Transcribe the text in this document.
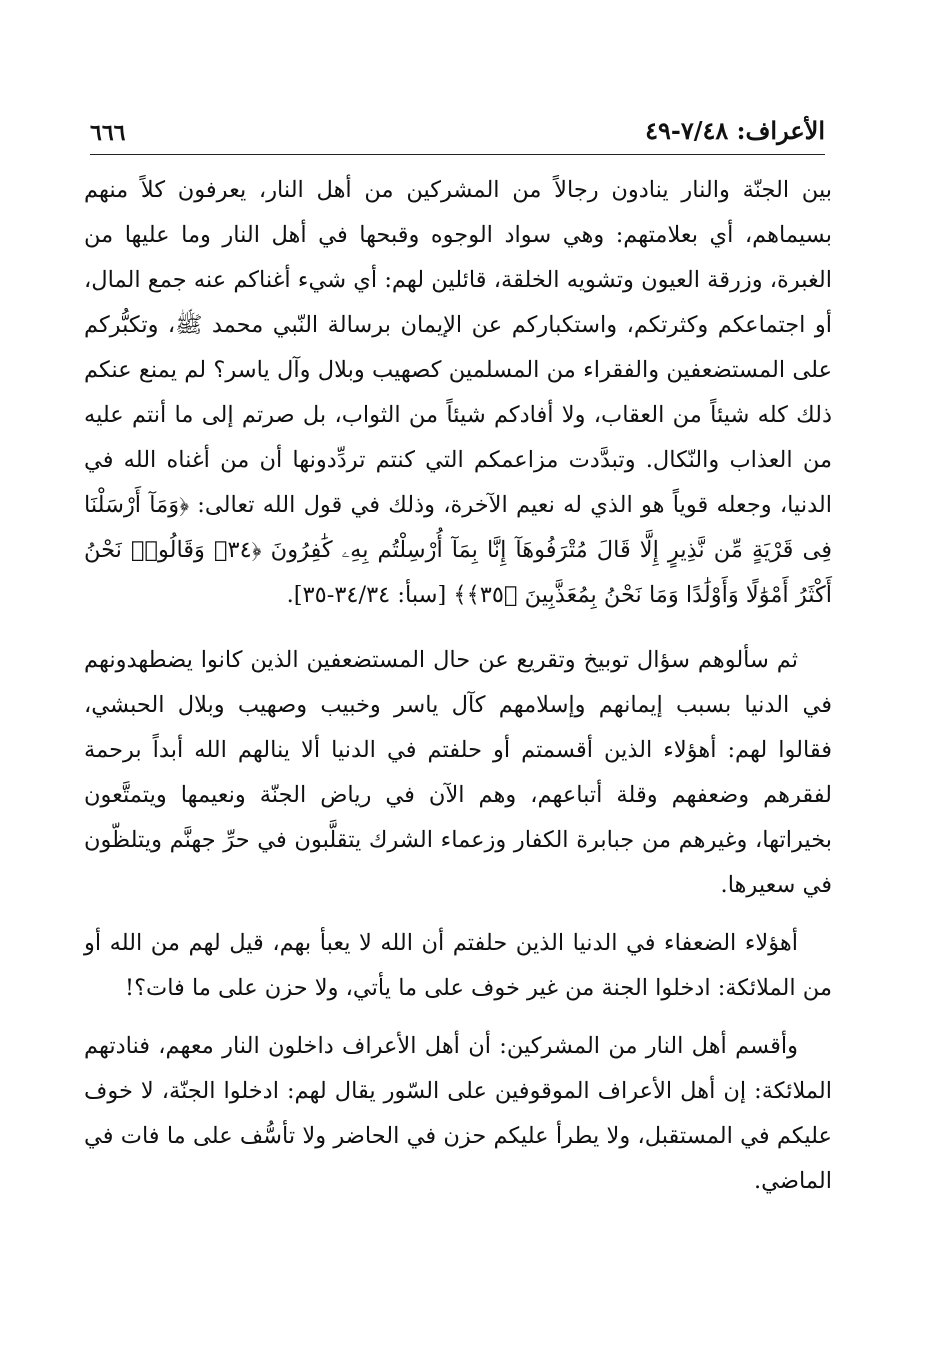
الأعراف: ٧/٤٨-٤٩
٦٦٦

بين الجنّة والنار ينادون رجالاً من المشركين من أهل النار، يعرفون كلاً منهم بسيماهم، أي بعلامتهم: وهي سواد الوجوه وقبحها في أهل النار وما عليها من الغبرة، وزرقة العيون وتشويه الخلقة، قائلين لهم: أي شيء أغناكم عنه جمع المال، أو اجتماعكم وكثرتكم، واستكباركم عن الإيمان برسالة النّبي محمد ﷺ، وتكبُّركم على المستضعفين والفقراء من المسلمين كصهيب وبلال وآل ياسر؟ لم يمنع عنكم ذلك كله شيئاً من العقاب، ولا أفادكم شيئاً من الثواب، بل صرتم إلى ما أنتم عليه من العذاب والنّكال. وتبدَّدت مزاعمكم التي كنتم تردِّدونها أن من أغناه الله في الدنيا، وجعله قوياً هو الذي له نعيم الآخرة، وذلك في قول الله تعالى: ﴿وَمَآ أَرْسَلْنَا فِى قَرْيَةٍ مِّن نَّذِيرٍ إِلَّا قَالَ مُتْرَفُوهَآ إِنَّا بِمَآ أُرْسِلْتُم بِهِۦ كَٰفِرُونَ ﴿٣٤﴾ وَقَالُوا۟ نَحْنُ أَكْثَرُ أَمْوَٰلًا وَأَوْلَٰدًا وَمَا نَحْنُ بِمُعَذَّبِينَ ﴿٣٥﴾﴾ [سبأ: ٣٤/٣٤-٣٥].

ثم سألوهم سؤال توبيخ وتقريع عن حال المستضعفين الذين كانوا يضطهدونهم في الدنيا بسبب إيمانهم وإسلامهم كآل ياسر وخبيب وصهيب وبلال الحبشي، فقالوا لهم: أهؤلاء الذين أقسمتم أو حلفتم في الدنيا ألا ينالهم الله أبداً برحمة لفقرهم وضعفهم وقلة أتباعهم، وهم الآن في رياض الجنّة ونعيمها ويتمتَّعون بخيراتها، وغيرهم من جبابرة الكفار وزعماء الشرك يتقلَّبون في حرِّ جهنَّم ويتلظّون في سعيرها.

أهؤلاء الضعفاء في الدنيا الذين حلفتم أن الله لا يعبأ بهم، قيل لهم من الله أو من الملائكة: ادخلوا الجنة من غير خوف على ما يأتي، ولا حزن على ما فات؟!

وأقسم أهل النار من المشركين: أن أهل الأعراف داخلون النار معهم، فنادتهم الملائكة: إن أهل الأعراف الموقوفين على السّور يقال لهم: ادخلوا الجنّة، لا خوف عليكم في المستقبل، ولا يطرأ عليكم حزن في الحاضر ولا تأسُّف على ما فات في الماضي.
